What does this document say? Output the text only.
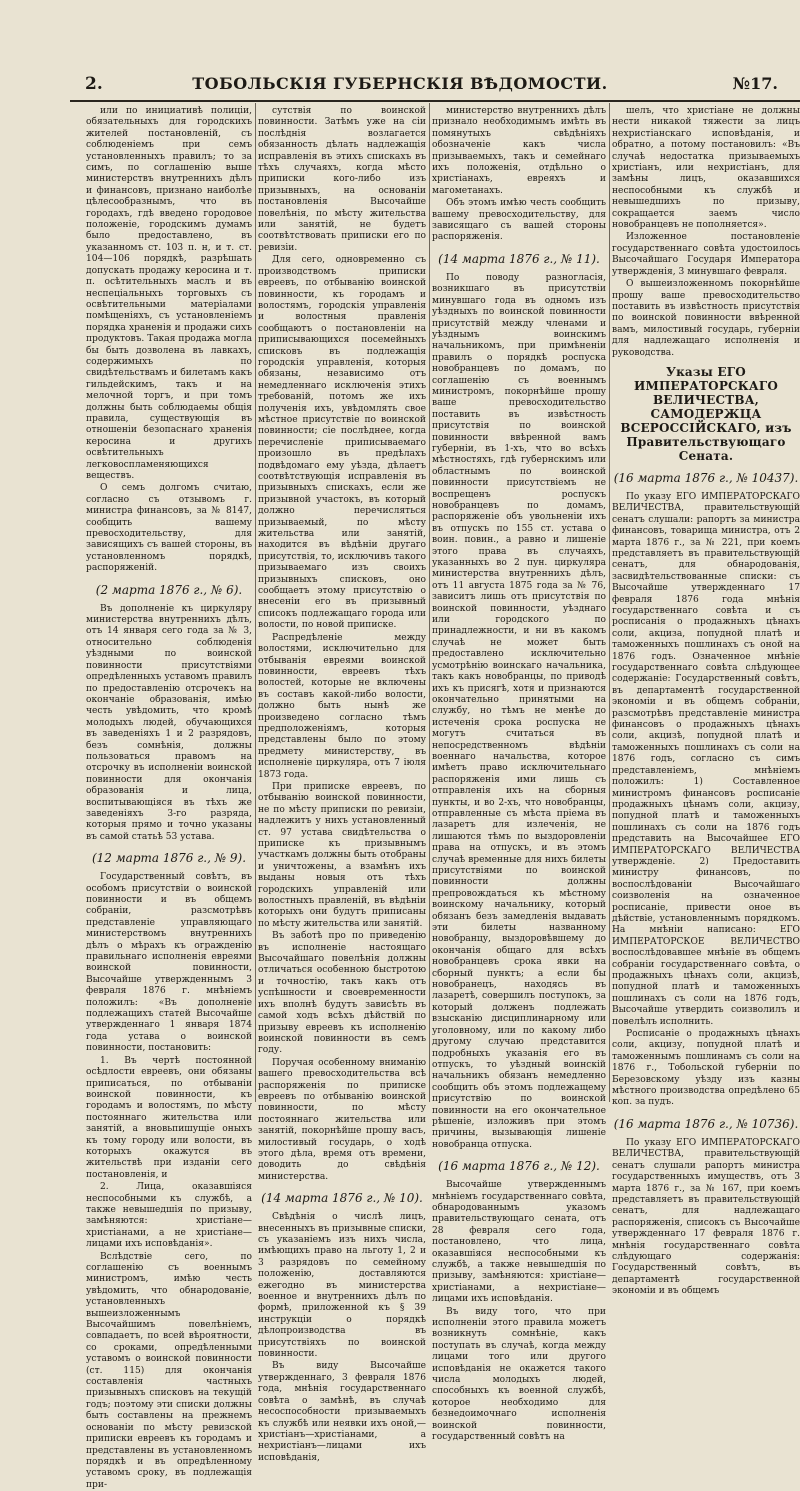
2.	ТОБОЛЬСКІЯ ГУБЕРНСКІЯ ВѢДОМОСТИ.	№17.

или по инициативѣ полиціи, обязательныхъ для городскихъ жителей постановленій, съ соблюденіемъ при семъ установленныхъ правилъ; то за симъ, по соглашенію выше министерствъ внутреннихъ дѣлъ и финансовъ, признано наиболѣе цѣлесообразнымъ, что въ городахъ, гдѣ введено городовое положеніе, городскимъ думамъ было предоставлено, въ указанномъ ст. 103 п. н, и т. ст. 104—106 порядкѣ, разрѣшать допускать продажу керосина и т. п. осѣтительныхъ маслъ и въ неспеціальныхъ торговыхъ съ освѣтительными матеріалами помѣщеніяхъ, съ установленіемъ порядка храненія и продажи сихъ продуктовъ. Такая продажа могла бы быть дозволена въ лавкахъ, содержимыхъ по свидѣтельствамъ и билетамъ какъ гильдейскимъ, такъ и на мелочной торгъ, и при томъ должны быть соблюдаемы общія правила, существующія въ отношеніи безопаснаго храненія керосина и другихъ освѣтительныхъ легковоспламеняющихся веществъ.

О семъ долгомъ считаю, согласно съ отзывомъ г. министра финансовъ, за № 8147, сообщить вашему превосходительству, для зависящихъ съ вашей стороны, въ установленномъ порядкѣ, распоряженій.

(2 марта 1876 г., № 6).

Въ дополненіе къ циркуляру министерства внутреннихъ дѣлъ, отъ 14 января сего года за № 3, относительно соблюденія уѣздными по воинской повинности присутствіями опредѣленныхъ уставомъ правилъ по предоставленію отсрочекъ на окончаніе образованія, имѣю честь увѣдомить, что кромѣ молодыхъ людей, обучающихся въ заведеніяхъ 1 и 2 разрядовъ, безъ сомнѣнія, должны пользоваться правомъ на отсрочку въ исполненіи воинской повинности для окончанія образованія и лица, воспитывающіяся въ тѣхъ же заведеніяхъ 3-го разряда, которыя прямо и точно указаны въ самой статьѣ 53 устава.

(12 марта 1876 г., № 9).

Государственный совѣтъ, въ особомъ присутствіи о воинской повинности и въ общемъ собраніи, разсмотрѣвъ представленіе управляющаго министерствомъ внутреннихъ дѣлъ о мѣрахъ къ огражденію правильнаго исполненія евреями воинской повинности, Высочайше утвержденнымъ 3 февраля 1876 г. мнѣніемъ положилъ: «Въ дополненіе подлежащихъ статей Высочайше утвержденнаго 1 января 1874 года устава о воинской повинности, постановить:

1. Въ чертѣ постоянной осѣдлости евреевъ, они обязаны приписаться, по отбываніи воинской повинности, къ городамъ и волостямъ, по мѣсту постояннаго жительства или занятій, а вновьпишущіе оныхъ къ тому городу или волости, въ которыхъ окажутся въ жительствѣ при изданіи сего постановленія, и

2. Лица, оказавшіяся неспособными къ службѣ, а также невышедшія по призыву, замѣняются: христіане—христіанами, а не христіане—лицами ихъ исповѣданія».

Вслѣдствіе сего, по соглашенію съ военнымъ министромъ, имѣю честь увѣдомить, что обнародованіе, установленныхъ вышеизложеннымъ Высочайшимъ повелѣніемъ, совпадаетъ, по всей вѣроятности, со сроками, опредѣленными уставомъ о воинской повинности (ст. 115) для окончанія составленія частныхъ призывныхъ списковъ на текущій годъ; поэтому эти списки должны быть составлены на прежнемъ основаніи по мѣсту ревизской приписки евреевъ къ городамъ и представлены въ установленномъ порядкѣ и въ опредѣленному уставомъ сроку, въ подлежащія при-

сутствія по воинской повинности. Затѣмъ уже на сіи послѣднія возлагается обязанность дѣлать надлежащія исправленія въ этихъ спискахъ въ тѣхъ случаяхъ, когда мѣсто приписки кого-либо изъ призывныхъ, на основаніи постановленія Высочайше повелѣнія, по мѣсту жительства или занятій, не будетъ соотвѣтствовать приписки его по ревизіи.

Для сего, одновременно съ производствомъ приписки евреевъ, по отбыванію воинской повинности, къ городамъ и волостямъ, городскія управленія и волостныя правленія сообщаютъ о постановленіи на приписывающихся посемейныхъ списковъ въ подлежащія городскія управленія, которыя обязаны, независимо отъ немедленнаго исключенія этихъ требованій, потомъ же ихъ полученія ихъ, увѣдомлять свое мѣстное присутствіе по воинской повинности; сіе послѣднее, когда перечисленіе приписываемаго произошло въ предѣлахъ подвѣдомаго ему уѣзда, дѣлаетъ соотвѣтствующія исправленія въ призывныхъ спискахъ, если же призывной участокъ, въ который должно перечисляться призываемый, по мѣсту жительства или занятій, находится въ вѣдѣніи другаго присутствія, то, исключивъ такого призываемаго изъ своихъ призывныхъ списковъ, оно сообщаетъ этому присутствію о внесеніи его въ призывный списокъ подлежащаго города или волости, по новой приписке.

Распредѣленіе между волостями, исключительно для отбыванія евреями воинской повинности, евреевъ тѣхъ волостей, которые не включены въ составъ какой-либо волости, должно быть нынѣ же произведено согласно тѣмъ предположеніямъ, которыя представлены было по этому предмету министерству, въ исполненіе циркуляра, отъ 7 іюля 1873 года.

При приписке евреевъ, по отбыванію воинской повинности, не по мѣсту приписки по ревизіи, надлежитъ у нихъ установленный ст. 97 устава свидѣтельства о приписке къ призывнымъ участкамъ должны быть отобраны и уничтожены, а взамѣнъ ихъ выданы новыя отъ тѣхъ городскихъ управленій или волостныхъ правленій, въ вѣдѣніи которыхъ они будутъ приписаны по мѣсту жительства или занятій.

Въ заботѣ про по приведенію въ исполненіе настоящаго Высочайшаго повелѣнія должны отличаться особенною быстротою и точностію, такъ какъ отъ успѣшности и своевременности ихъ вполнѣ будутъ зависѣть въ самой ходъ всѣхъ дѣйствій по призыву евреевъ къ исполненію воинской повинности въ семъ году.

Поручая особенному вниманію вашего превосходительства всѣ распоряженія по приписке евреевъ по отбыванію воинской повинности, по мѣсту постояннаго жительства или занятій, покорнѣйше прошу васъ, милостивый государь, о ходѣ этого дѣла, время отъ времени, доводить до свѣдѣнія министерства.

(14 марта 1876 г., № 10).

Свѣдѣнія о числѣ лицъ, внесенныхъ въ призывные списки, съ указаніемъ изъ нихъ числа, имѣющихъ право на льготу 1, 2 и 3 разрядовъ по семейному положенію, доставляются ежегодно въ министерства военное и внутреннихъ дѣлъ по формѣ, приложенной къ § 39 инструкціи о порядкѣ дѣлопроизводства въ присутствіяхъ по воинской повинности.

Въ виду Высочайше утвержденнаго, 3 февраля 1876 года, мнѣнія государственнаго совѣта о замѣнѣ, въ случаѣ несоспособности призываемыхъ къ службѣ или неявки ихъ oной,—христіанъ—христіанами, а нехристіанъ—лицами ихъ исповѣданія,

министерство внутреннихъ дѣлъ признало необходимымъ имѣть въ помянутыхъ свѣдѣніяхъ обозначеніе какъ числа призываемыхъ, такъ и семейнаго ихъ положенія, отдѣльно о христіанахъ, евреяхъ и магометанахъ.

Объ этомъ имѣю честь сообщить вашему превосходительству, для зависящаго съ вашей стороны распоряженія.

(14 марта 1876 г., № 11).

По поводу разногласія, возникшаго въ присутствіи минувшаго года въ одномъ изъ уѣздныхъ по воинской повинности присутствій между членами и уѣзднымъ воинскимъ начальникомъ, при примѣненіи правилъ о порядкѣ роспуска новобранцевъ по домамъ, по соглашенію съ военнымъ министромъ, покорнѣйше прошу ваше превосходительство поставить въ извѣстность присутствія по воинской повинности ввѣренной вамъ губерніи, въ 1-хъ, что во всѣхъ мѣстностяхъ, гдѣ губернскимъ или областнымъ по воинской повинности присутствіемъ не воспрещенъ роспускъ новобранцевъ по домамъ, распоряженіе объ увольненіи ихъ въ отпускъ по 155 ст. устава о воин. повин., а равно и лишеніе этого права въ случаяхъ, указанныхъ во 2 пун. циркуляра министерства внутреннихъ дѣлъ, отъ 11 августа 1875 года за № 76, зависитъ лишь отъ присутствія по воинской повинности, уѣзднаго или городского по принадлежности, и ни въ какомъ случаѣ не может быть предоставлено исключительно усмотрѣнію воинскаго начальника, такъ какъ новобранцы, по приводѣ ихъ къ присягѣ, хотя и признаются окончательно принятыми на службу, но тѣмъ не менѣе до истеченія срока роспуска не могутъ считаться въ непосредственномъ вѣдѣніи военнаго начальства, которое имѣетъ право исключительнаго распоряженія ими лишь съ отправленія ихъ на сборныя пункты, и во 2-хъ, что новобранцы, отправленные съ мѣста пріема въ лазаретъ для излеченія, не лишаются тѣмъ по выздоровленіи права на отпускъ, и въ этомъ случаѣ временные для нихъ билеты присутствіями по воинской повинности должны препровождаться къ мѣстному воинскому начальнику, который обязанъ безъ замедленія выдавать эти билеты названному новобранцу, выздоровѣвшему до окончанія общаго для всѣхъ новобранцевъ срока явки на сборный пунктъ; а если бы новобранецъ, находясь въ лазаретѣ, совершилъ поступокъ, за который долженъ подлежать взысканію дисциплинарному или уголовному, или по какому либо другому случаю представится подробныхъ указанія его въ отпускъ, то уѣздный воинскій начальникъ обязанъ немедленно сообщить объ этомъ подлежащему присутствію по воинской повинности на его окончательное рѣшеніе, изложивъ при этомъ причины, вызывающія лишеніе новобранца отпуска.

(16 марта 1876 г., № 12).

Высочайше утвержденнымъ мнѣніемъ государственнаго совѣта, обнародованнымъ указомъ правительствующаго сената, отъ 28 февраля сего года, постановлено, что лица, оказавшіяся неспособными къ службѣ, а также невышедшія по призыву, замѣняются: христіане—христіанами, а нехристіане—лицами ихъ исповѣданія.

Въ виду того, что при исполненіи этого правила можетъ возникнуть сомнѣніе, какъ поступать въ случаѣ, когда между лицами того или другого исповѣданія не окажется такого числа молодыхъ людей, способныхъ къ военной службѣ, которое необходимо для безнедоимочнаго исполненія воинской повинности, государственный совѣтъ на

шелъ, что христіане не должны нести никакой тяжести за лицъ нехристіанскаго исповѣданія, и обратно, а потому постановилъ: «Въ случаѣ недостатка призываемыхъ христіанъ, или нехристіанъ, для замѣны лицъ, оказавшихся неспособными къ службѣ и невышедшихъ по призыву, сокращается заемъ число новобранцевъ не пополняется».

Изложенное постановленіе государственнаго совѣта удостоилось Высочайшаго Государя Императора утвержденія, 3 минувшаго февраля.

О вышеизложенномъ покорнѣйше прошу ваше превосходительство поставить въ извѣстность присутствія по воинской повинности ввѣренной вамъ, милостивый государь, губерніи для надлежащаго исполненія и руководства.

Указы ЕГО ИМПЕРАТОРСКАГО ВЕЛИЧЕСТВА, САМОДЕРЖЦА ВСЕРОССІЙСКАГО, изъ Правительствующаго Сената.

(16 марта 1876 г., № 10437).

По указу ЕГО ИМПЕРАТОРСКАГО ВЕЛИЧЕСТВА, правительствующій сенатъ слушали: рапортъ за министра финансовъ, товарища министра, отъ 2 марта 1876 г., за № 221, при коемъ представляетъ въ правительствующій сенатъ, для обнародованія, засвидѣтельствованные списки: съ Высочайше утвержденнаго 17 февраля 1876 года мнѣнія государственнаго совѣта и съ росписанія о продажныхъ цѣнахъ соли, акциза, попудной платѣ и таможенныхъ пошлинахъ съ оной на 1876 годъ. Означенное мнѣніе государственнаго совѣта слѣдующее содержаніе: Государственный совѣтъ, въ департаментѣ государственной экономіи и въ общемъ собраніи, разсмотрѣвъ представленіе министра финансовъ о продажныхъ цѣнахъ соли, акцизѣ, попудной платѣ и таможенныхъ пошлинахъ съ соли на 1876 годъ, согласно съ симъ представленіемъ, мнѣніемъ положилъ: 1) Составленное министромъ финансовъ росписаніе продажныхъ цѣнамъ соли, акцизу, попудной платѣ и таможенныхъ пошлинахъ съ соли на 1876 годъ представить на Высочайшее ЕГО ИМПЕРАТОРСКАГО ВЕЛИЧЕСТВА утвержденіе. 2) Предоставить министру финансовъ, по воспослѣдованіи Высочайшаго соизволенія на означенное росписаніе, привести оное въ дѣйствіе, установленнымъ порядкомъ. На мнѣніи написано: ЕГО ИМПЕРАТОРСКОЕ ВЕЛИЧЕСТВО воспослѣдовавшее мнѣніе въ общемъ собраніи государственнаго совѣта, о продажныхъ цѣнахъ соли, акцизѣ, попудной платѣ и таможенныхъ пошлинахъ съ соли на 1876 годъ, Высочайше утвердить соизволилъ и повелѣлъ исполнить.

Росписаніе о продажныхъ цѣнахъ соли, акцизу, попудной платѣ и таможеннымъ пошлинамъ съ соли на 1876 г., Тобольской губерніи по Березовскому уѣзду изъ казны мѣстного производства опредѣлено 65 коп. за пудъ.

(16 марта 1876 г., № 10736).

По указу ЕГО ИМПЕРАТОРСКАГО ВЕЛИЧЕСТВА, правительствующій сенатъ слушали рапортъ министра государственныхъ имуществъ, отъ 3 марта 1876 г., за № 167, при коемъ представляетъ въ правительствующій сенатъ, для надлежащаго распоряженія, списокъ съ Высочайше утвержденнаго 17 февраля 1876 г. мнѣнія государственнаго совѣта слѣдующаго содержанія: Государственный совѣтъ, въ департаментѣ государственной экономіи и въ общемъ
